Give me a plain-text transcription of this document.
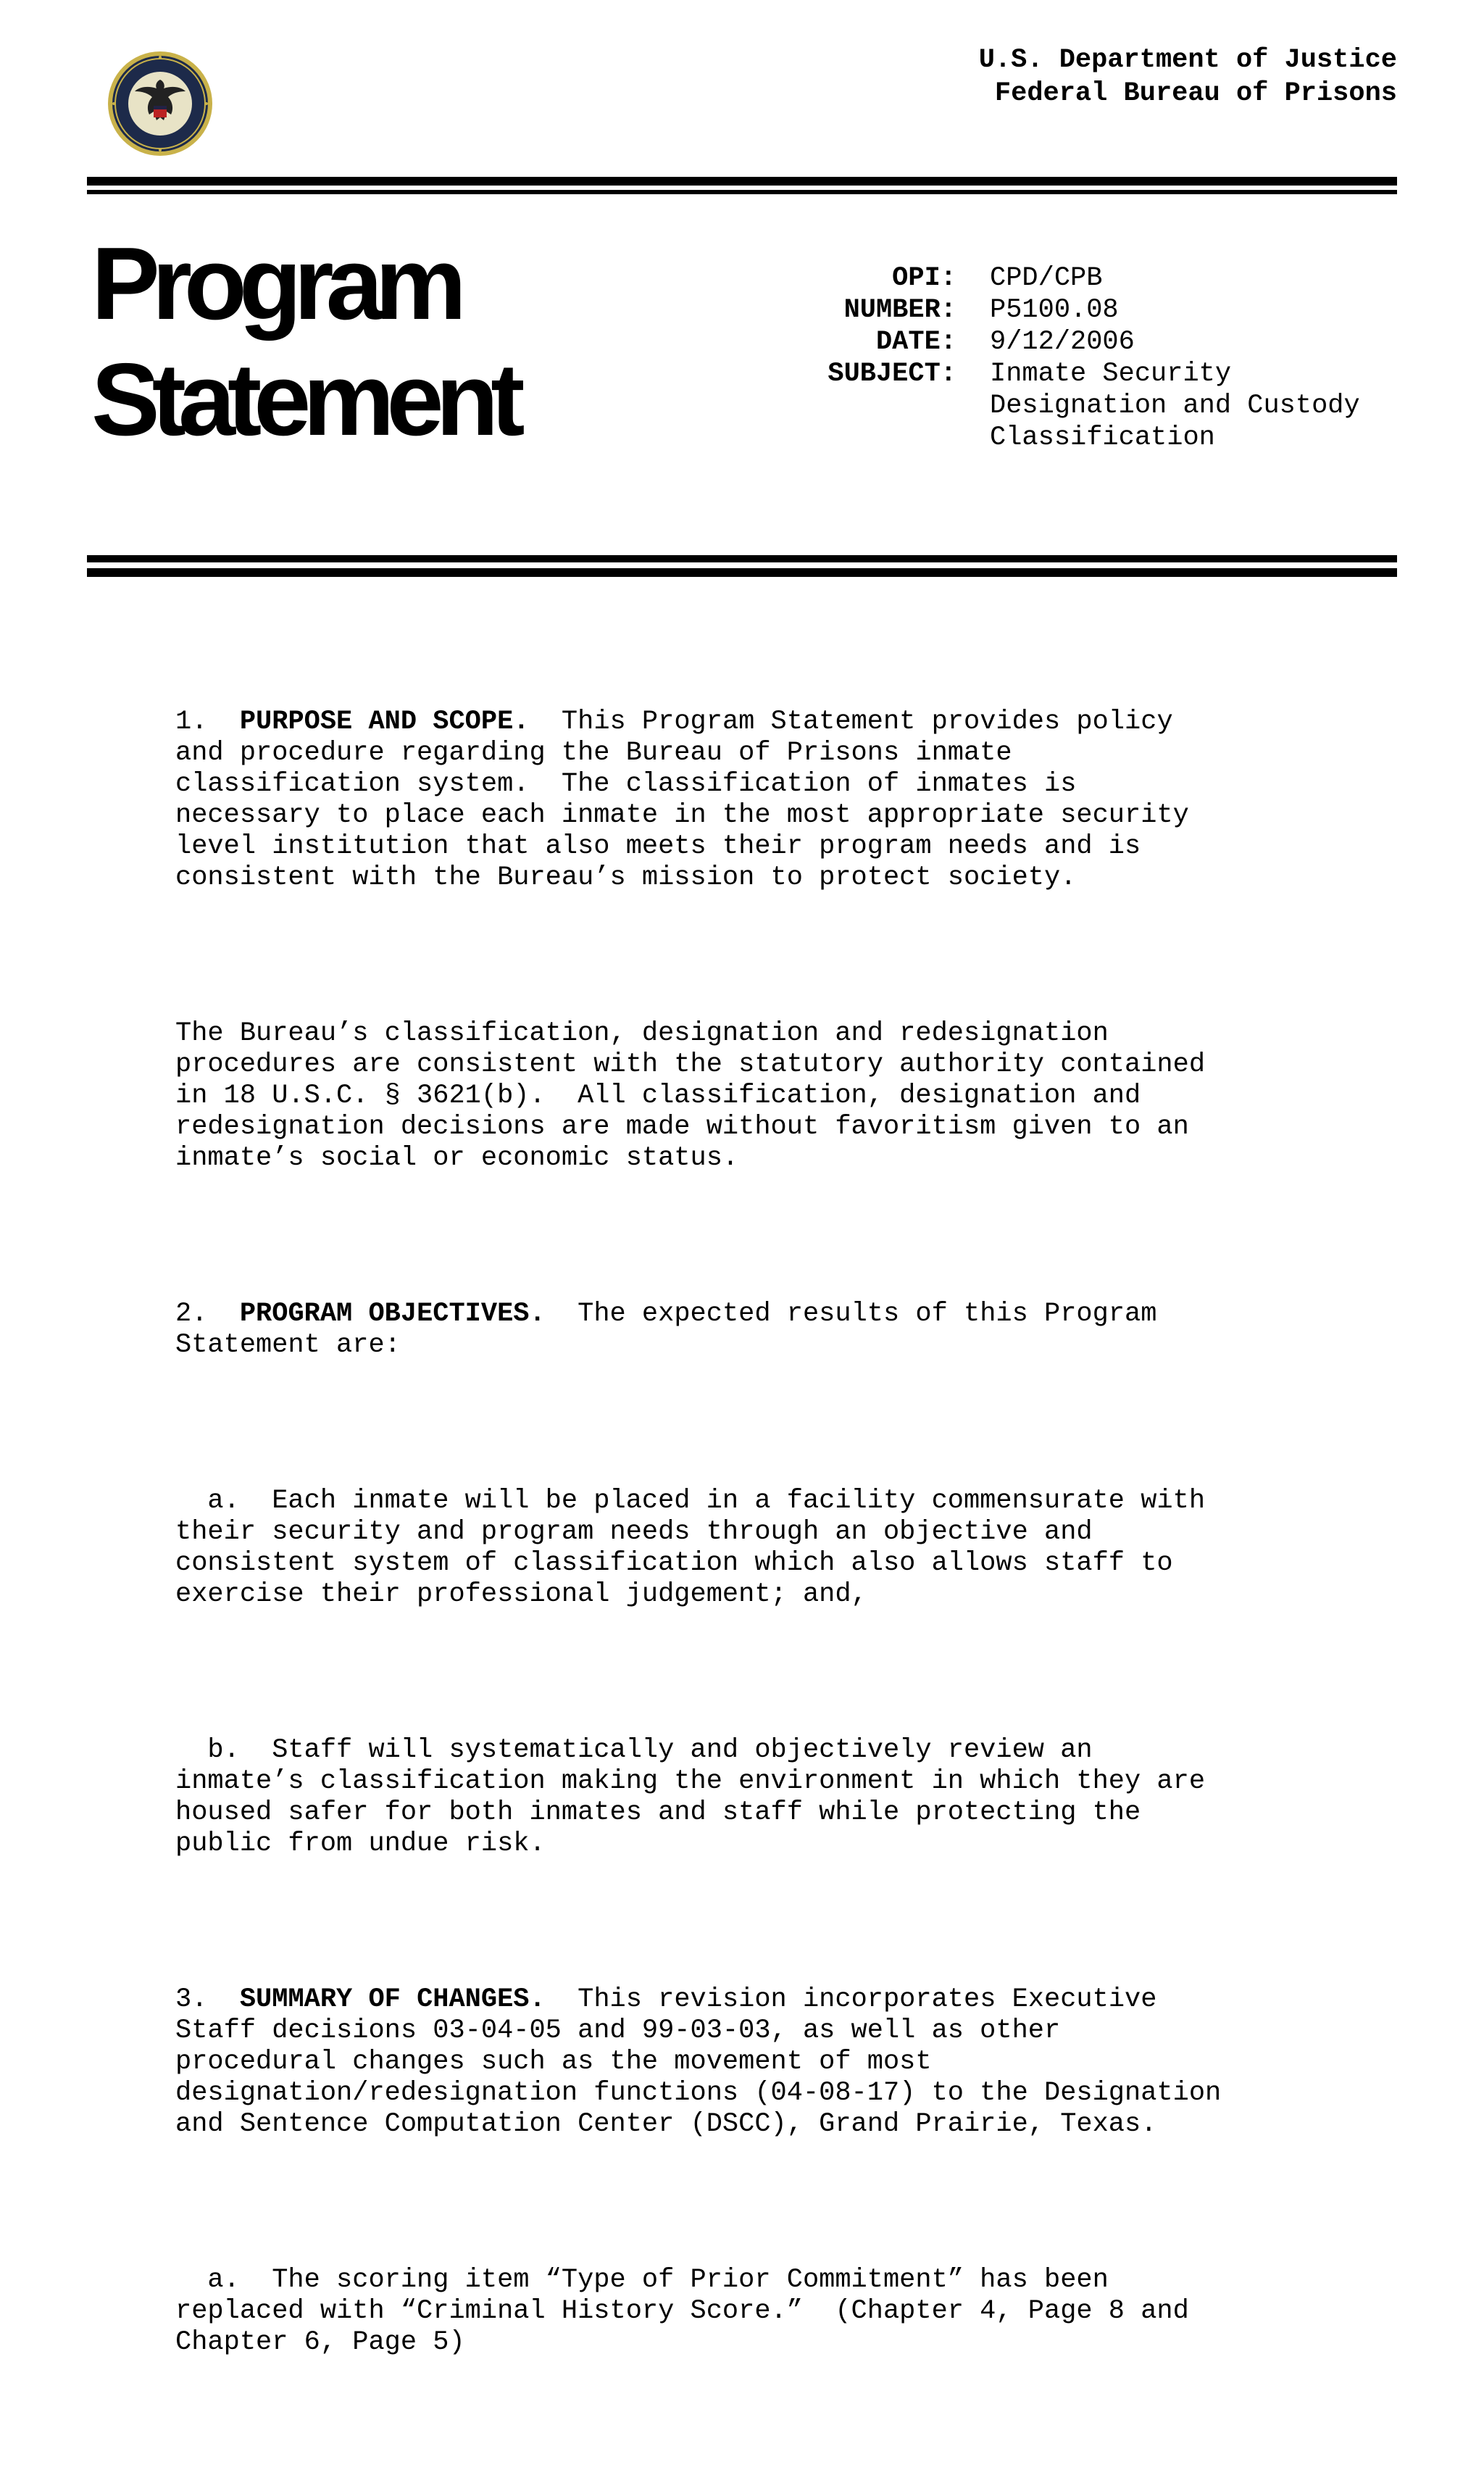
U.S. Department of Justice
Federal Bureau of Prisons
Program
Statement
OPI: CPD/CPB
NUMBER: P5100.08
DATE: 9/12/2006
SUBJECT: Inmate Security
Designation and Custody
Classification

1.  PURPOSE AND SCOPE.  This Program Statement provides policy
and procedure regarding the Bureau of Prisons inmate
classification system.  The classification of inmates is
necessary to place each inmate in the most appropriate security
level institution that also meets their program needs and is
consistent with the Bureau’s mission to protect society.

The Bureau’s classification, designation and redesignation
procedures are consistent with the statutory authority contained
in 18 U.S.C. § 3621(b).  All classification, designation and
redesignation decisions are made without favoritism given to an
inmate’s social or economic status.

2.  PROGRAM OBJECTIVES.  The expected results of this Program
Statement are:

a.  Each inmate will be placed in a facility commensurate with
their security and program needs through an objective and
consistent system of classification which also allows staff to
exercise their professional judgement; and,

b.  Staff will systematically and objectively review an
inmate’s classification making the environment in which they are
housed safer for both inmates and staff while protecting the
public from undue risk.

3.  SUMMARY OF CHANGES.  This revision incorporates Executive
Staff decisions 03-04-05 and 99-03-03, as well as other
procedural changes such as the movement of most
designation/redesignation functions (04-08-17) to the Designation
and Sentence Computation Center (DSCC), Grand Prairie, Texas.

a.  The scoring item “Type of Prior Commitment” has been
replaced with “Criminal History Score.”  (Chapter 4, Page 8 and
Chapter 6, Page 5)
